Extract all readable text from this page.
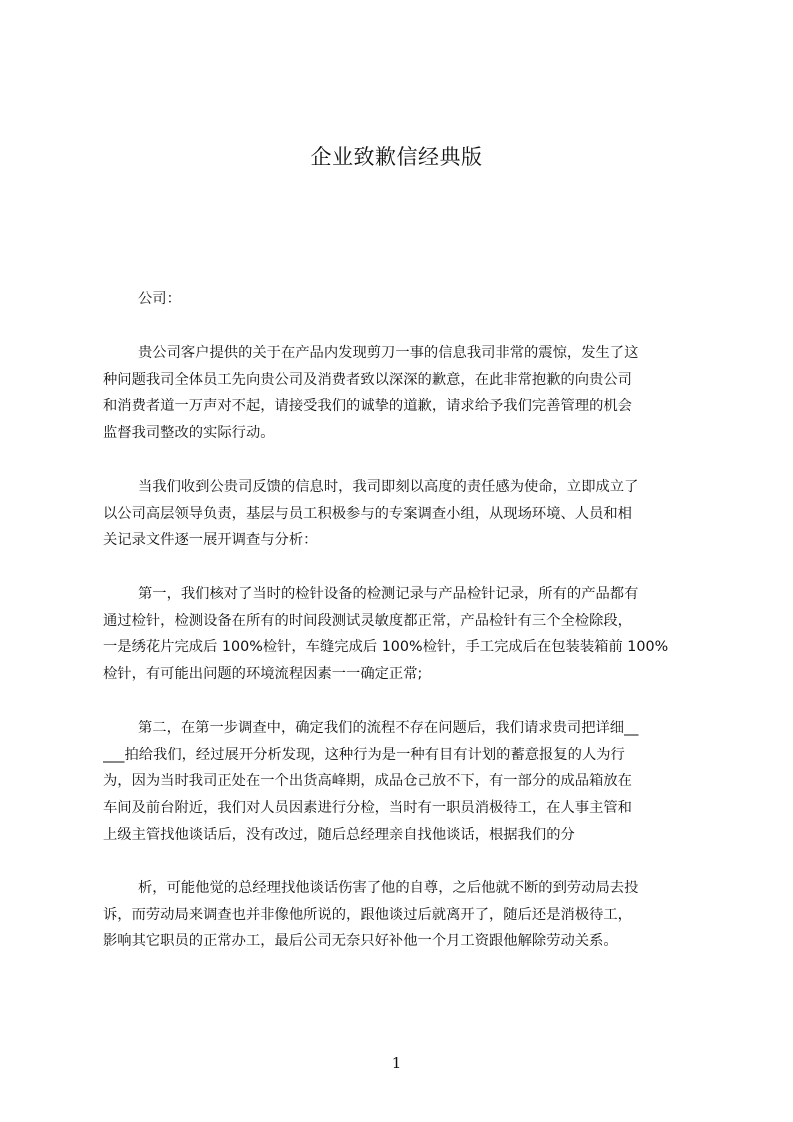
企业致歉信经典版
公司：
贵公司客户提供的关于在产品内发现剪刀一事的信息我司非常的震惊，发生了这
种问题我司全体员工先向贵公司及消费者致以深深的歉意，在此非常抱歉的向贵公司
和消费者道一万声对不起，请接受我们的诚挚的道歉，请求给予我们完善管理的机会
监督我司整改的实际行动。
当我们收到公贵司反馈的信息时，我司即刻以高度的责任感为使命，立即成立了
以公司高层领导负责，基层与员工积极参与的专案调查小组，从现场环境、人员和相
关记录文件逐一展开调查与分析：
第一，我们核对了当时的检针设备的检测记录与产品检针记录，所有的产品都有
通过检针，检测设备在所有的时间段测试灵敏度都正常，产品检针有三个全检除段，
一是绣花片完成后 100%检针，车缝完成后 100%检针，手工完成后在包装装箱前 100%
检针，有可能出问题的环境流程因素一一确定正常;
第二，在第一步调查中，确定我们的流程不存在问题后，我们请求贵司把详细__
___拍给我们，经过展开分析发现，这种行为是一种有目有计划的蓄意报复的人为行
为，因为当时我司正处在一个出货高峰期，成品仓己放不下，有一部分的成品箱放在
车间及前台附近，我们对人员因素进行分检，当时有一职员消极待工，在人事主管和
上级主管找他谈话后，没有改过，随后总经理亲自找他谈话，根据我们的分
析，可能他觉的总经理找他谈话伤害了他的自尊，之后他就不断的到劳动局去投
诉，而劳动局来调查也并非像他所说的，跟他谈过后就离开了，随后还是消极待工，
影响其它职员的正常办工，最后公司无奈只好补他一个月工资跟他解除劳动关系。
1
